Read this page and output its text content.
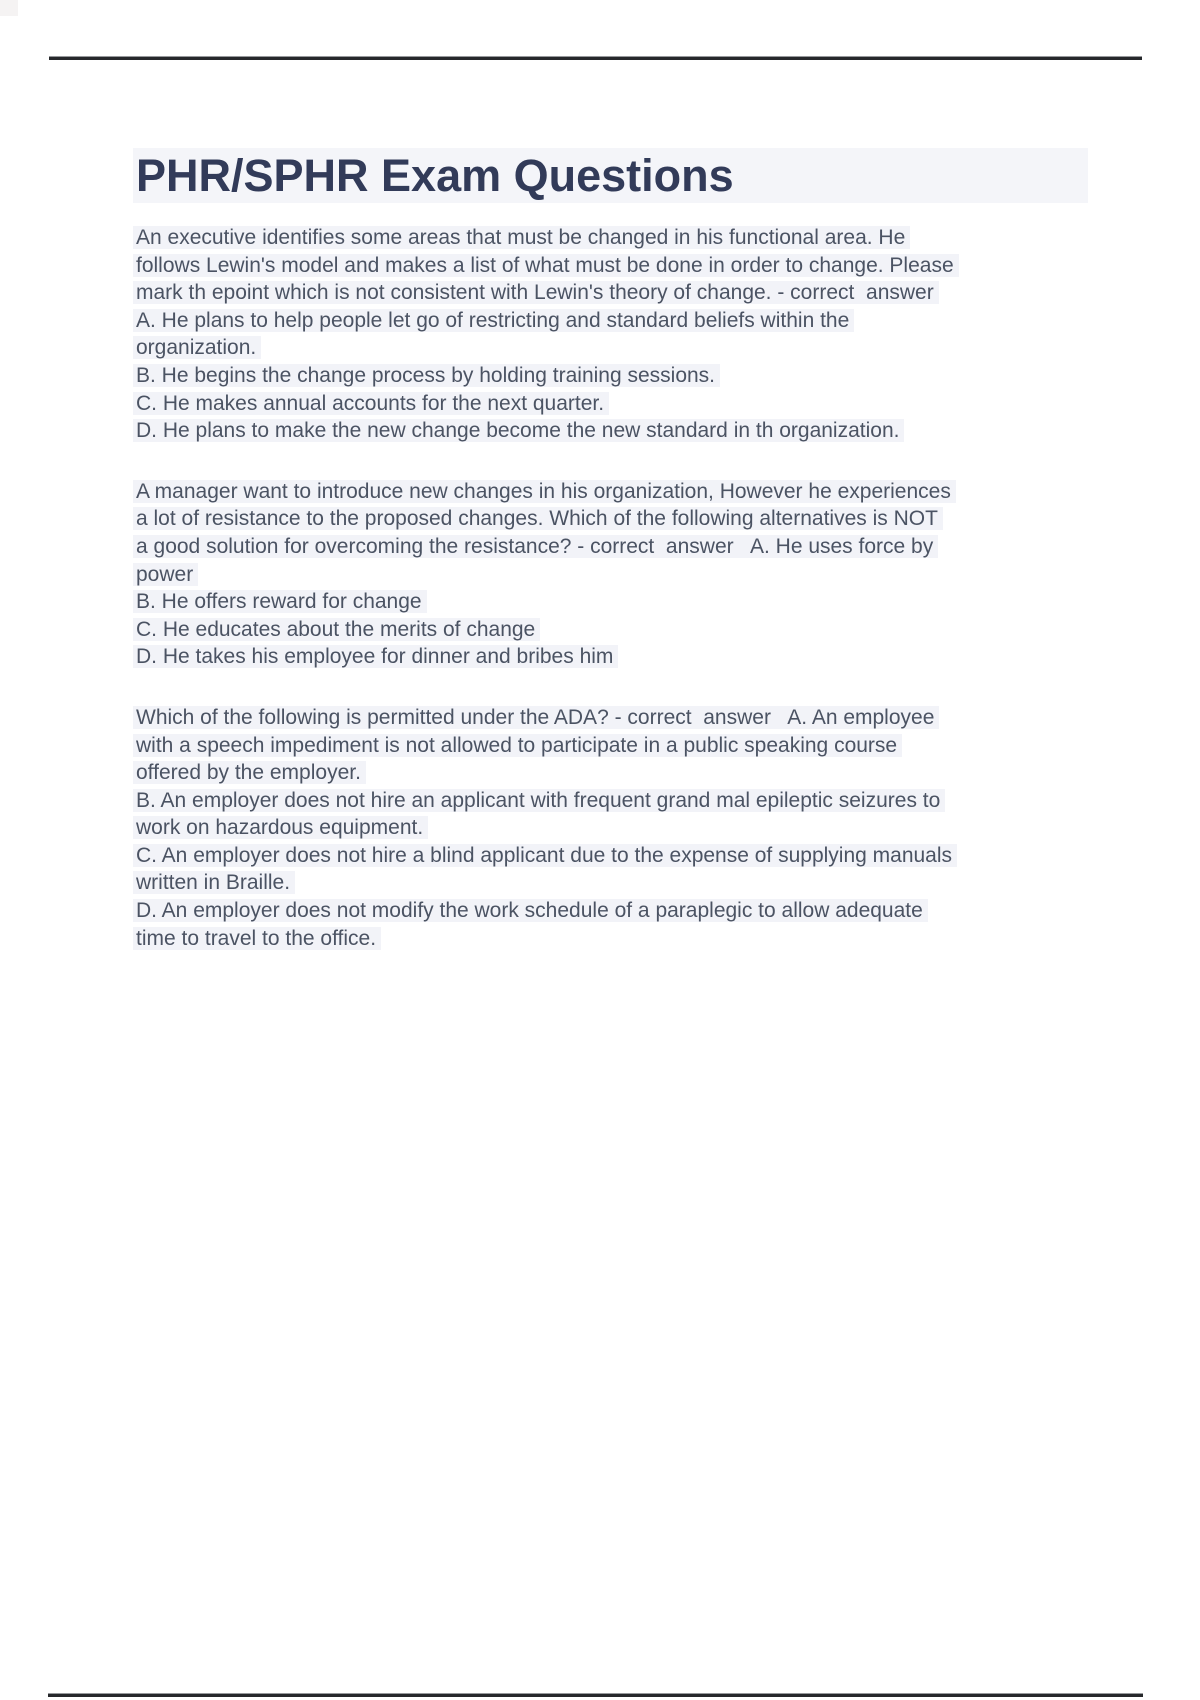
PHR/SPHR Exam Questions
An executive identifies some areas that must be changed in his functional area. He
follows Lewin's model and makes a list of what must be done in order to change. Please
mark th epoint which is not consistent with Lewin's theory of change. - correct  answer
A. He plans to help people let go of restricting and standard beliefs within the
organization.
B. He begins the change process by holding training sessions.
C. He makes annual accounts for the next quarter.
D. He plans to make the new change become the new standard in th organization.
A manager want to introduce new changes in his organization, However he experiences
a lot of resistance to the proposed changes. Which of the following alternatives is NOT
a good solution for overcoming the resistance? - correct  answer   A. He uses force by
power
B. He offers reward for change
C. He educates about the merits of change
D. He takes his employee for dinner and bribes him
Which of the following is permitted under the ADA? - correct  answer   A. An employee
with a speech impediment is not allowed to participate in a public speaking course
offered by the employer.
B. An employer does not hire an applicant with frequent grand mal epileptic seizures to
work on hazardous equipment.
C. An employer does not hire a blind applicant due to the expense of supplying manuals
written in Braille.
D. An employer does not modify the work schedule of a paraplegic to allow adequate
time to travel to the office.
